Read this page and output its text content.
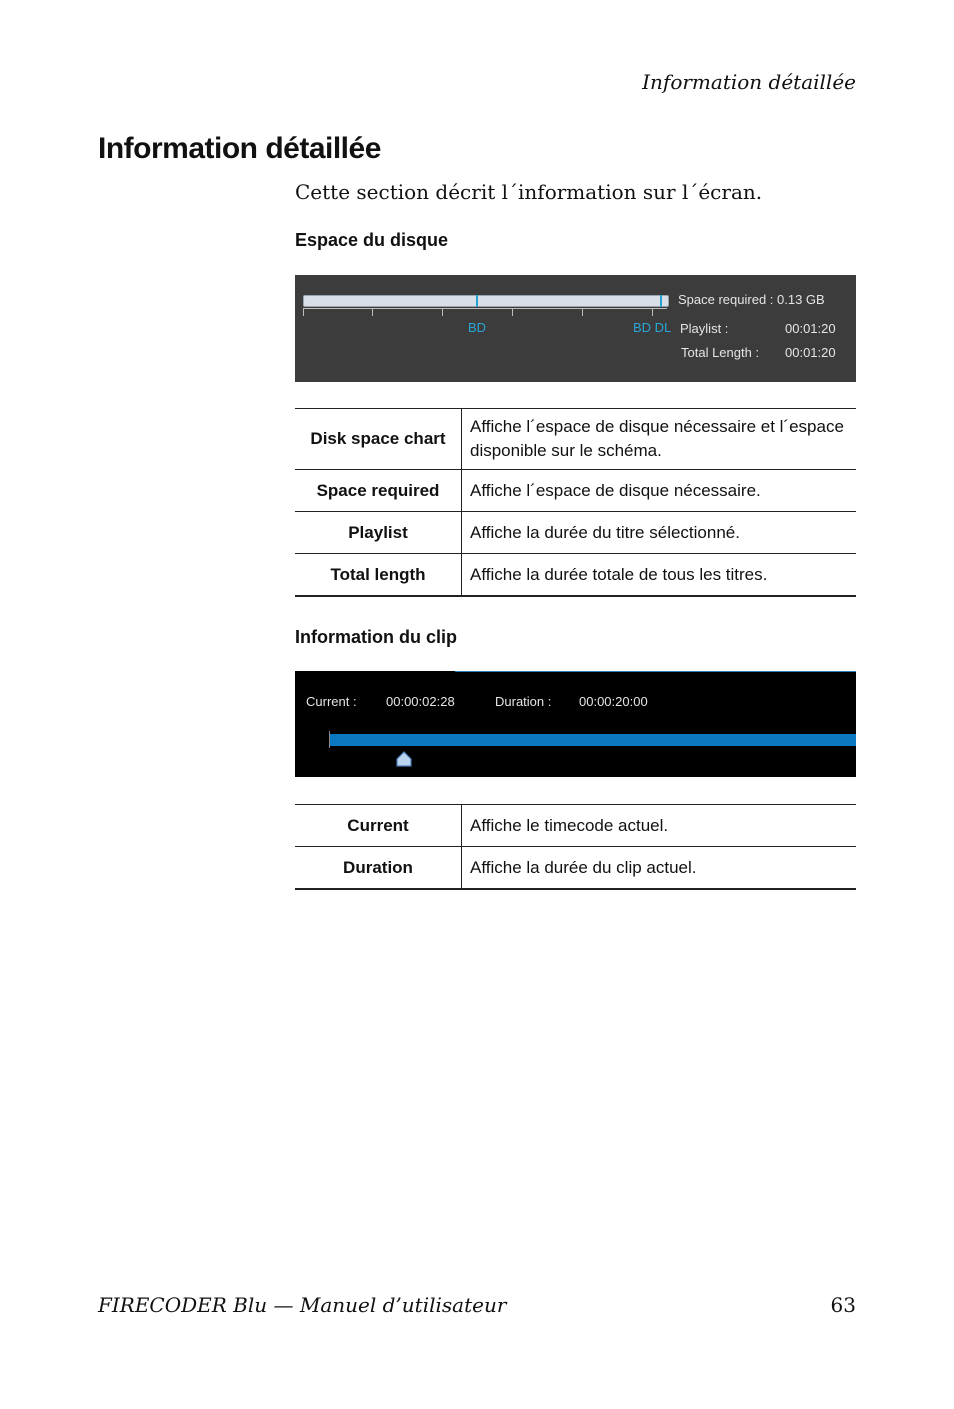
Information détaillée
Information détaillée
Cette section décrit l´information sur l´écran.
Espace du disque
BD	BD DL
Space required : 0.13 GB
Playlist :	00:01:20
Total Length : 00:01:20
Disk space chart	Affiche l´espace de disque nécessaire et l´espace disponible sur le schéma.
Space required	Affiche l´espace de disque nécessaire.
Playlist	Affiche la durée du titre sélectionné.
Total length	Affiche la durée totale de tous les titres.
Information du clip
Current : 00:00:02:28	Duration : 00:00:20:00
Current	Affiche le timecode actuel.
Duration	Affiche la durée du clip actuel.
FIRECODER Blu — Manuel d’utilisateur	63
